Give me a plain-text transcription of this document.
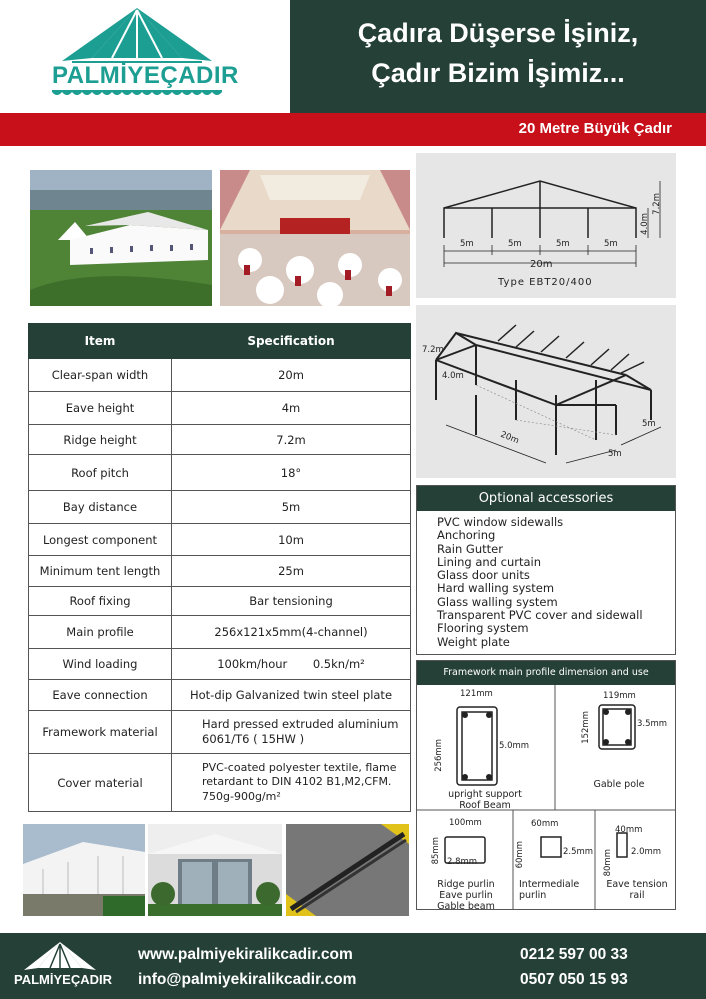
PALMİYEÇADIR
Çadıra Düşerse İşiniz,
Çadır Bizim İşimiz...
20 Metre Büyük Çadır
5m	5m	5m	5m
20m
4.0m
7.2m
Type EBT20/400
7.2m
4.0m
20m
5m
5m
Item	Specification
Clear-span width	20m
Eave height	4m
Ridge height	7.2m
Roof pitch	18°
Bay distance	5m
Longest component	10m
Minimum tent length	25m
Roof fixing	Bar tensioning
Main profile	256x121x5mm(4-channel)
Wind loading	100km/hour       0.5kn/m²
Eave connection	Hot-dip Galvanized twin steel plate
Framework material	Hard pressed extruded aluminium 6061/T6 ( 15HW )
Cover material	PVC-coated polyester textile, flame retardant to DIN 4102 B1,M2,CFM. 750g-900g/m²
Optional accessories
PVC window sidewalls
Anchoring
Rain Gutter
Lining and curtain
Glass door units
Hard walling system
Glass walling system
Transparent PVC cover and sidewall
Flooring system
Weight plate
Framework main profile dimension and use
121mm
256mm	5.0mm
upright support
Roof Beam
119mm
152mm	3.5mm
Gable pole
100mm
85mm 2.8mm
Ridge purlin
Eave purlin
Gable beam
60mm
60mm	2.5mm
Intermediale
purlin
40mm
80mm 2.0mm
Eave tension
rail
PALMİYEÇADIR
www.palmiyekiralikcadir.com
info@palmiyekiralikcadir.com
0212 597 00 33
0507 050 15 93
